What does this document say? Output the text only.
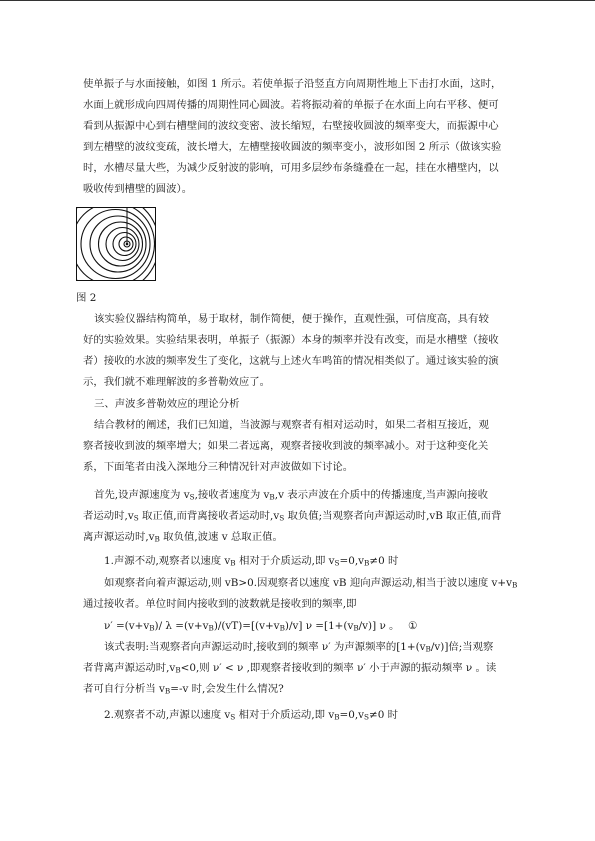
使单振子与水面接触，如图 1 所示。若使单振子沿竖直方向周期性地上下击打水面，这时，
水面上就形成向四周传播的周期性同心圆波。若将振动着的单振子在水面上向右平移、便可
看到从振源中心到右槽壁间的波纹变密、波长缩短，右壁接收圆波的频率变大，而振源中心
到左槽壁的波纹变疏，波长增大，左槽壁接收圆波的频率变小，波形如图 2 所示（做该实验
时，水槽尽量大些，为减少反射波的影响，可用多层纱布条缝叠在一起，挂在水槽壁内，以
吸收传到槽壁的圆波）。
图 2
该实验仪器结构简单，易于取材，制作简便，便于操作，直观性强，可信度高，具有较
好的实验效果。实验结果表明，单振子（振源）本身的频率并没有改变，而是水槽壁（接收
者）接收的水波的频率发生了变化，这就与上述火车鸣笛的情况相类似了。通过该实验的演
示，我们就不难理解波的多普勒效应了。
三、声波多普勒效应的理论分析
结合教材的阐述，我们已知道，当波源与观察者有相对运动时，如果二者相互接近，观
察者接收到波的频率增大；如果二者远离，观察者接收到波的频率减小。对于这种变化关
系，下面笔者由浅入深地分三种情况针对声波做如下讨论。
首先,设声源速度为 $v_S$,接收者速度为 $v_B,v$ 表示声波在介质中的传播速度,当声源向接收
者运动时$,v_S$ 取正值,而背离接收者运动时$,v_S$ 取负值;当观察者向声源运动时,vB 取正值,而背
离声源运动时$,v_B$ 取负值,波速 v 总取正值。
1.声源不动,观察者以速度 $v_B$ 相对于介质运动,即 $v_S=0,v_B\ne 0$ 时
如观察者向着声源运动,则 vB>0.因观察者以速度 vB 迎向声源运动,相当于波以速度 $v+v_B$
通过接收者。单位时间内接收到的波数就是接收到的频率,即
$\nu' =(v+v_B)/$ $\lambda =(v+v_B)/(vT)=[(v+v_B)/v]$ $\nu =[1+(v_B/v)]$ ν 。 ①
该式表明:当观察者向声源运动时,接收到的频率 ν′ 为声源频率的$[1+(v_B/v)]$倍;当观察
者背离声源运动时$,v_B<0$,则 ν′ < ν ,即观察者接收到的频率 ν′ 小于声源的振动频率 ν 。读
者可自行分析当 $v_B=-v$ 时,会发生什么情况?
2.观察者不动,声源以速度 $v_S$ 相对于介质运动,即 $v_B=0,v_S\ne 0$ 时
